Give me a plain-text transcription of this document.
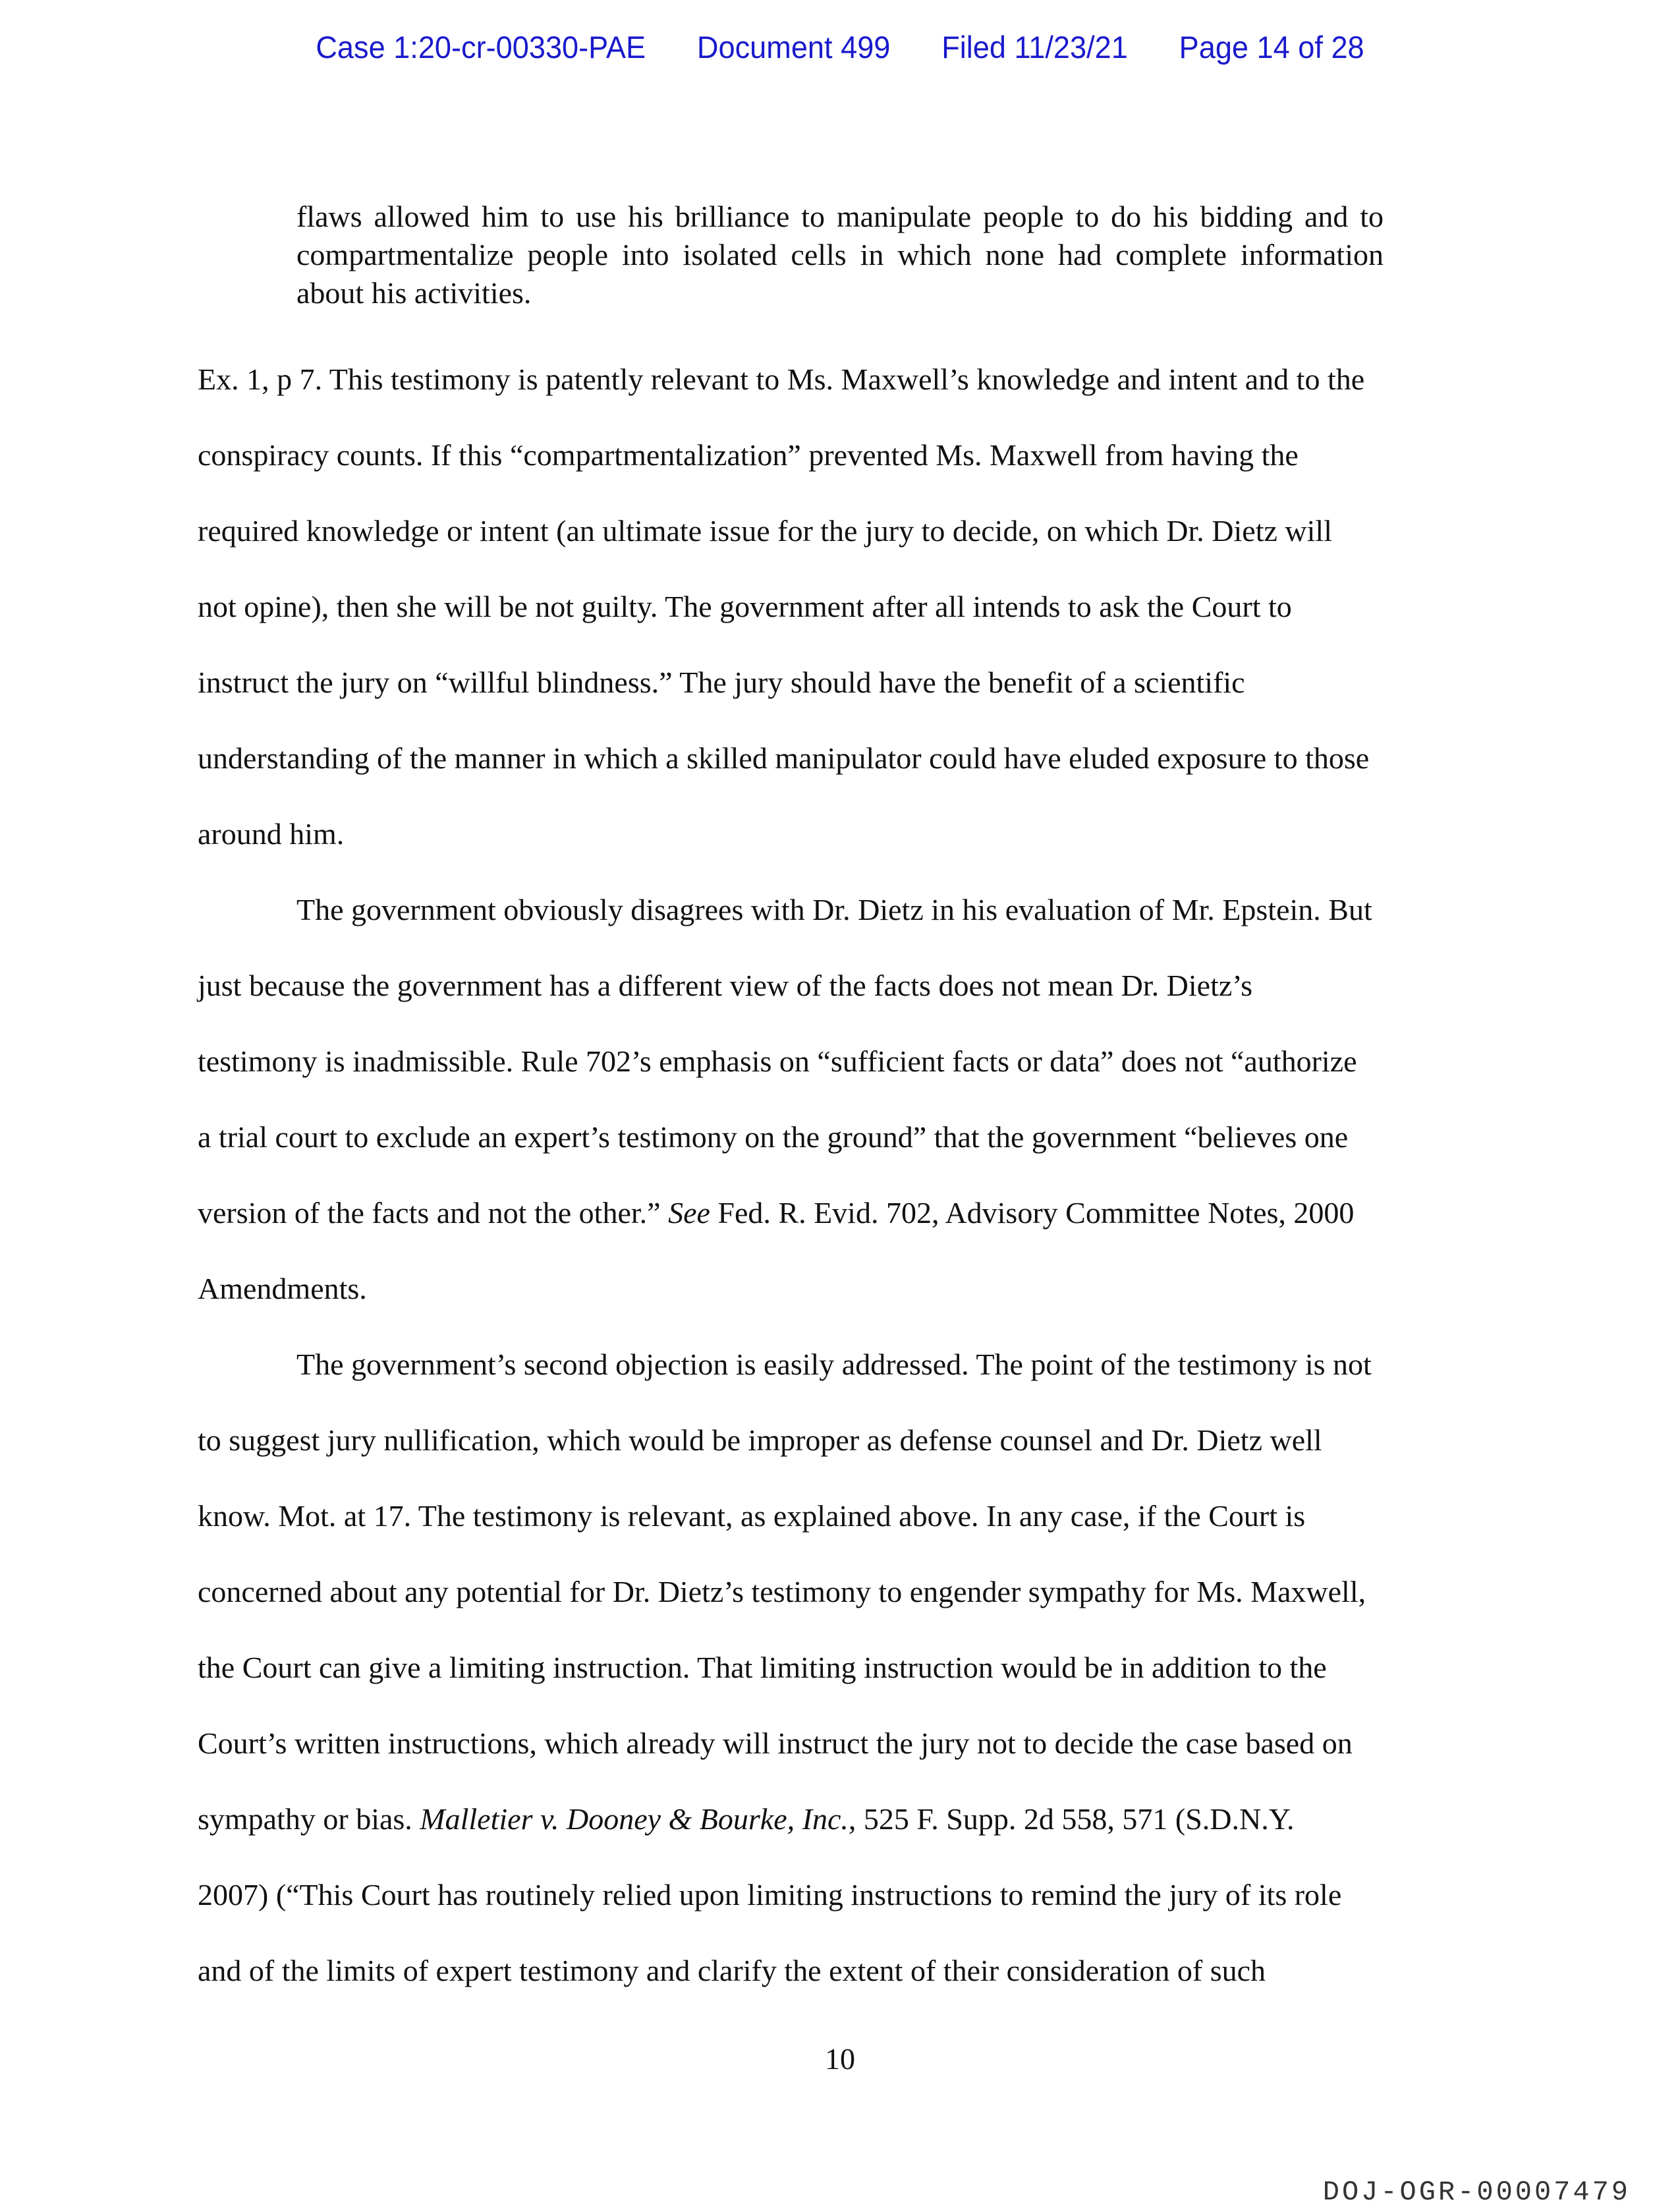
Case 1:20-cr-00330-PAE Document 499 Filed 11/23/21 Page 14 of 28
flaws allowed him to use his brilliance to manipulate people to do his bidding and to compartmentalize people into isolated cells in which none had complete information about his activities.

Ex. 1, p 7. This testimony is patently relevant to Ms. Maxwell’s knowledge and intent and to the
conspiracy counts. If this “compartmentalization” prevented Ms. Maxwell from having the
required knowledge or intent (an ultimate issue for the jury to decide, on which Dr. Dietz will
not opine), then she will be not guilty. The government after all intends to ask the Court to
instruct the jury on “willful blindness.” The jury should have the benefit of a scientific
understanding of the manner in which a skilled manipulator could have eluded exposure to those
around him.

The government obviously disagrees with Dr. Dietz in his evaluation of Mr. Epstein. But
just because the government has a different view of the facts does not mean Dr. Dietz’s
testimony is inadmissible. Rule 702’s emphasis on “sufficient facts or data” does not “authorize
a trial court to exclude an expert’s testimony on the ground” that the government “believes one
version of the facts and not the other.” See Fed. R. Evid. 702, Advisory Committee Notes, 2000
Amendments.

The government’s second objection is easily addressed. The point of the testimony is not
to suggest jury nullification, which would be improper as defense counsel and Dr. Dietz well
know. Mot. at 17. The testimony is relevant, as explained above. In any case, if the Court is
concerned about any potential for Dr. Dietz’s testimony to engender sympathy for Ms. Maxwell,
the Court can give a limiting instruction. That limiting instruction would be in addition to the
Court’s written instructions, which already will instruct the jury not to decide the case based on
sympathy or bias. Malletier v. Dooney & Bourke, Inc., 525 F. Supp. 2d 558, 571 (S.D.N.Y.
2007) (“This Court has routinely relied upon limiting instructions to remind the jury of its role
and of the limits of expert testimony and clarify the extent of their consideration of such

10
DOJ-OGR-00007479
